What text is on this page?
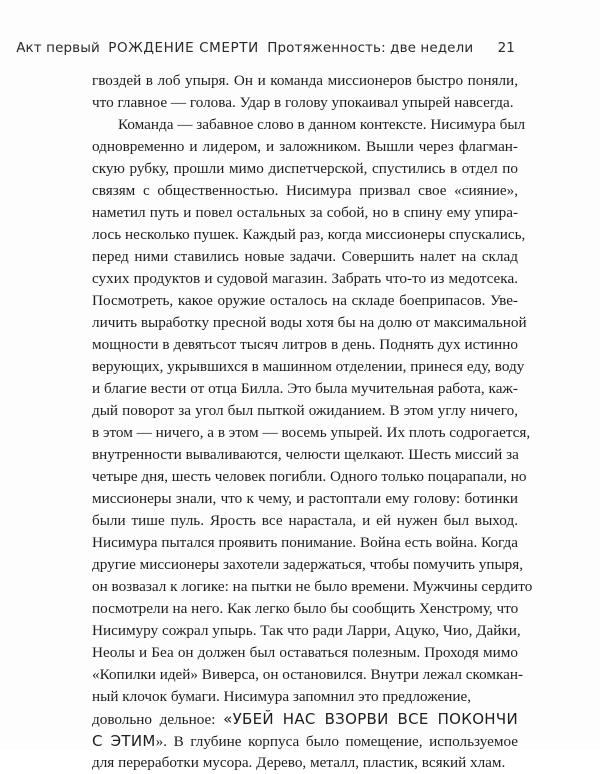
Акт первый РОЖДЕНИЕ СМЕРТИ Протяженность: две недели 21
гвоздей в лоб упыря. Он и команда миссионеров быстро поняли,
что главное — голова. Удар в голову упокаивал упырей навсегда.
Команда — забавное слово в данном контексте. Нисимура был
одновременно и лидером, и заложником. Вышли через флагман-
скую рубку, прошли мимо диспетчерской, спустились в отдел по
связям с общественностью. Нисимура призвал свое «сияние»,
наметил путь и повел остальных за собой, но в спину ему упира-
лось несколько пушек. Каждый раз, когда миссионеры спускались,
перед ними ставились новые задачи. Совершить налет на склад
сухих продуктов и судовой магазин. Забрать что-то из медотсека.
Посмотреть, какое оружие осталось на складе боеприпасов. Уве-
личить выработку пресной воды хотя бы на долю от максимальной
мощности в девятьсот тысяч литров в день. Поднять дух истинно
верующих, укрывшихся в машинном отделении, принеся еду, воду
и благие вести от отца Билла. Это была мучительная работа, каж-
дый поворот за угол был пыткой ожиданием. В этом углу ничего,
в этом — ничего, а в этом — восемь упырей. Их плоть содрогается,
внутренности вываливаются, челюсти щелкают. Шесть миссий за
четыре дня, шесть человек погибли. Одного только поцарапали, но
миссионеры знали, что к чему, и растоптали ему голову: ботинки
были тише пуль. Ярость все нарастала, и ей нужен был выход.
Нисимура пытался проявить понимание. Война есть война. Когда
другие миссионеры захотели задержаться, чтобы помучить упыря,
он возвазал к логике: на пытки не было времени. Мужчины сердито
посмотрели на него. Как легко было бы сообщить Хенстрому, что
Нисимуру сожрал упырь. Так что ради Ларри, Ацуко, Чио, Дайки,
Неолы и Беа он должен был оставаться полезным. Проходя мимо
«Копилки идей» Виверса, он остановился. Внутри лежал скомкан-
ный клочок бумаги. Нисимура запомнил это предложение,
довольно дельное: «УБЕЙ НАС ВЗОРВИ ВСЕ ПОКОНЧИ
С ЭТИМ». В глубине корпуса было помещение, используемое
для переработки мусора. Дерево, металл, пластик, всякий хлам.
